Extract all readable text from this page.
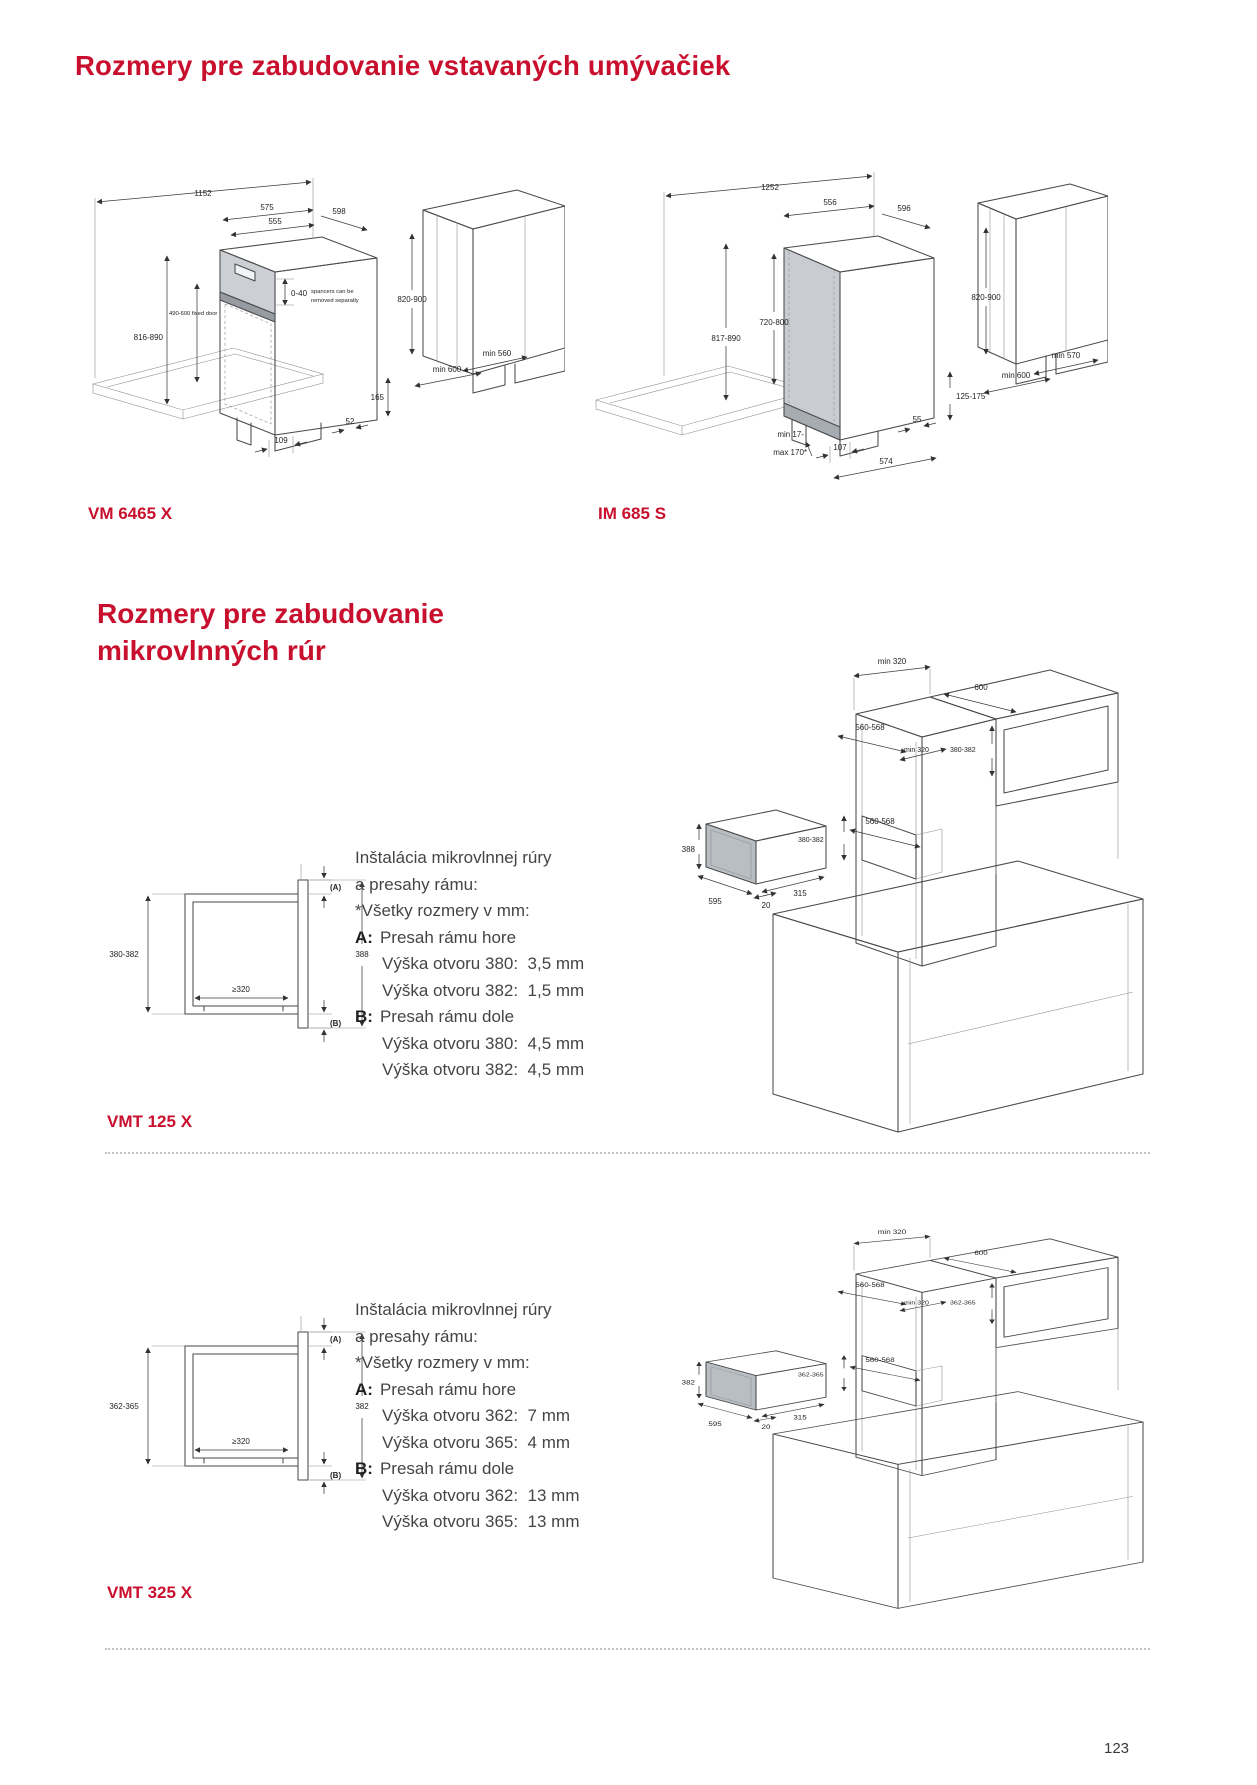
Rozmery pre zabudovanie vstavaných umývačiek
1152
575
555
598
0-40 spancers can be
removed separatly
490-600 fixed door
816-890
820-900
min 560
min 600
165
52
109
1252
556
596
720-800
817-890
820-900
min 570
min 600
125-175
55
min 17-
max 170*
107
574
VM 6465 X	IM 685 S
Rozmery pre zabudovanie
mikrovlnných rúr
380-382
(A)
(B)
388
≥320

Inštalácia mikrovlnnej rúry

a presahy rámu:

*Všetky rozmery v mm:

A: Presah rámu hore

Výška otvoru 380:  3,5 mm

Výška otvoru 382:  1,5 mm

B: Presah rámu dole

Výška otvoru 380:  4,5 mm

Výška otvoru 382:  4,5 mm

min 320
600
560-568
560-568
380-382
min 320	380-382
388
595
315
20
VMT 125 X
362-365
(A)
(B)
382
≥320

Inštalácia mikrovlnnej rúry

a presahy rámu:

*Všetky rozmery v mm:

A: Presah rámu hore

Výška otvoru 362:  7 mm

Výška otvoru 365:  4 mm

B: Presah rámu dole

Výška otvoru 362:  13 mm

Výška otvoru 365:  13 mm

min 320
600
560-568
560-568
362-365
min 320	362-365
382
595
315
20
VMT 325 X
123
